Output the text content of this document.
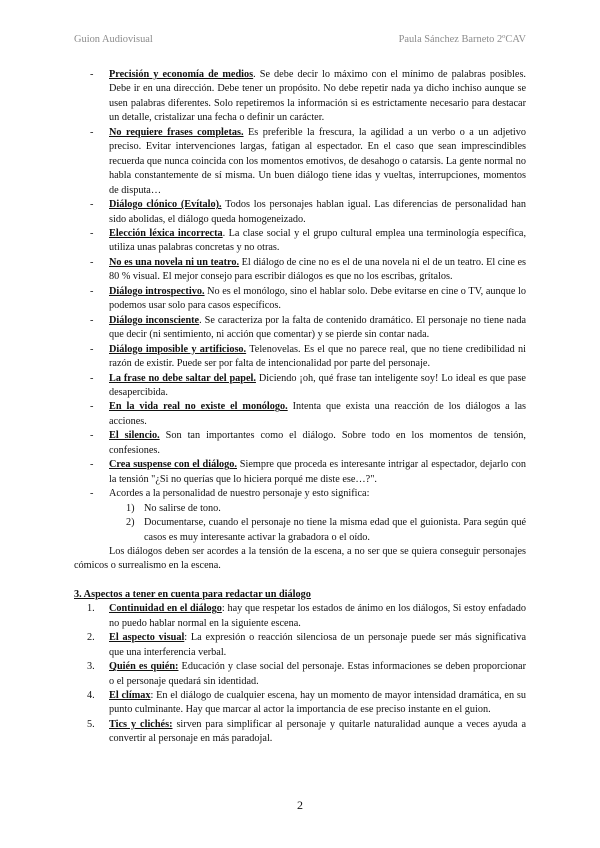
Guion Audiovisual	Paula Sánchez Barneto 2ºCAV
- Precisión y economía de medios. Se debe decir lo máximo con el mínimo de palabras posibles. Debe ir en una dirección. Debe tener un propósito. No debe repetir nada ya dicho inchiso aunque se usen palabras diferentes. Solo repetiremos la información si es estrictamente necesario para destacar un detalle, cristalizar una fecha o definir un carácter.
- No requiere frases completas. Es preferible la frescura, la agilidad a un verbo o a un adjetivo preciso. Evitar intervenciones largas, fatigan al espectador. En el caso que sean imprescindibles recuerda que nunca coincida con los momentos emotivos, de desahogo o catarsis. La gente normal no habla constantemente de sí misma. Un buen diálogo tiene idas y vueltas, interrupciones, momentos de disputa…
- Diálogo clónico (Evítalo). Todos los personajes hablan igual. Las diferencias de personalidad han sido abolidas, el diálogo queda homogeneizado.
- Elección léxica incorrecta. La clase social y el grupo cultural emplea una terminología específica, utiliza unas palabras concretas y no otras.
- No es una novela ni un teatro. El diálogo de cine no es el de una novela ni el de un teatro. El cine es 80 % visual. El mejor consejo para escribir diálogos es que no los escribas, grítalos.
- Diálogo introspectivo. No es el monólogo, sino el hablar solo. Debe evitarse en cine o TV, aunque lo podemos usar solo para casos específicos.
- Diálogo inconsciente. Se caracteriza por la falta de contenido dramático. El personaje no tiene nada que decir (ni sentimiento, ni acción que comentar) y se pierde sin contar nada.
- Diálogo imposible y artificioso. Telenovelas. Es el que no parece real, que no tiene credibilidad ni razón de existir. Puede ser por falta de intencionalidad por parte del personaje.
- La frase no debe saltar del papel. Diciendo ¡oh, qué frase tan inteligente soy! Lo ideal es que pase desapercibida.
- En la vida real no existe el monólogo. Intenta que exista una reacción de los diálogos a las acciones.
- El silencio. Son tan importantes como el diálogo. Sobre todo en los momentos de tensión, confesiones.
- Crea suspense con el diálogo. Siempre que proceda es interesante intrigar al espectador, dejarlo con la tensión "¿Si no querías que lo hiciera porqué me diste ese…?".
- Acordes a la personalidad de nuestro personaje y esto significa:
1) No salirse de tono.
2) Documentarse, cuando el personaje no tiene la misma edad que el guionista. Para según qué casos es muy interesante activar la grabadora o el oído.

Los diálogos deben ser acordes a la tensión de la escena, a no ser que se quiera conseguir personajes cómicos o surrealismo en la escena.

3. Aspectos a tener en cuenta para redactar un diálogo

1. Continuidad en el diálogo: hay que respetar los estados de ánimo en los diálogos, Si estoy enfadado no puedo hablar normal en la siguiente escena.
2. El aspecto visual: La expresión o reacción silenciosa de un personaje puede ser más significativa que una interferencia verbal.
3. Quién es quién: Educación y clase social del personaje. Estas informaciones se deben proporcionar o el personaje quedará sin identidad.
4. El clímax: En el diálogo de cualquier escena, hay un momento de mayor intensidad dramática, en su punto culminante. Hay que marcar al actor la importancia de ese preciso instante en el guion.
5. Tics y clichés: sirven para simplificar al personaje y quitarle naturalidad aunque a veces ayuda a convertir al personaje en más paradojal.
2
